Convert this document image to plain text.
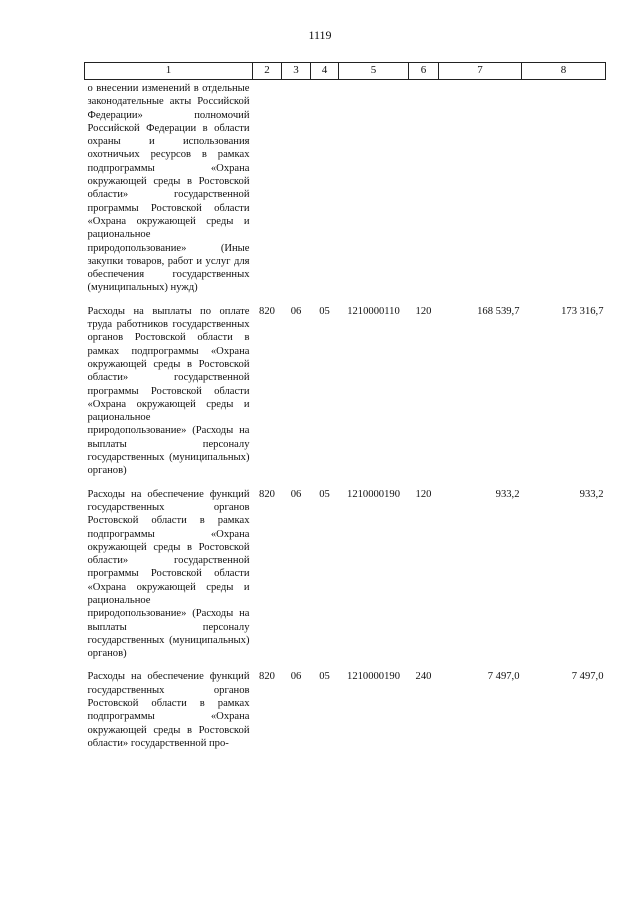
1119
1	2	3	4	5	6	7	8
о внесении изменений в отдельные законодательные акты Российской Федерации» полномочий Российской Федерации в области охраны и использования охотничьих ресурсов в рамках подпрограммы «Охрана окружающей среды в Ростовской области» государственной программы Ростовской области «Охрана окружающей среды и рациональное природопользование» (Иные закупки товаров, работ и услуг для обеспечения государственных (муниципальных) нужд)							
Расходы на выплаты по оплате труда работников государственных органов Ростовской области в рамках подпрограммы «Охрана окружающей среды в Ростовской области» государственной программы Ростовской области «Охрана окружающей среды и рациональное природопользование» (Расходы на выплаты персоналу государственных (муниципальных) органов)	820	06	05	1210000110	120	168 539,7	173 316,7
Расходы на обеспечение функций государственных органов Ростовской области в рамках подпрограммы «Охрана окружающей среды в Ростовской области» государственной программы Ростовской области «Охрана окружающей среды и рациональное природопользование» (Расходы на выплаты персоналу государственных (муниципальных) органов)	820	06	05	1210000190	120	933,2	933,2
Расходы на обеспечение функций государственных органов Ростовской области в рамках подпрограммы «Охрана окружающей среды в Ростовской области» государственной про-	820	06	05	1210000190	240	7 497,0	7 497,0
